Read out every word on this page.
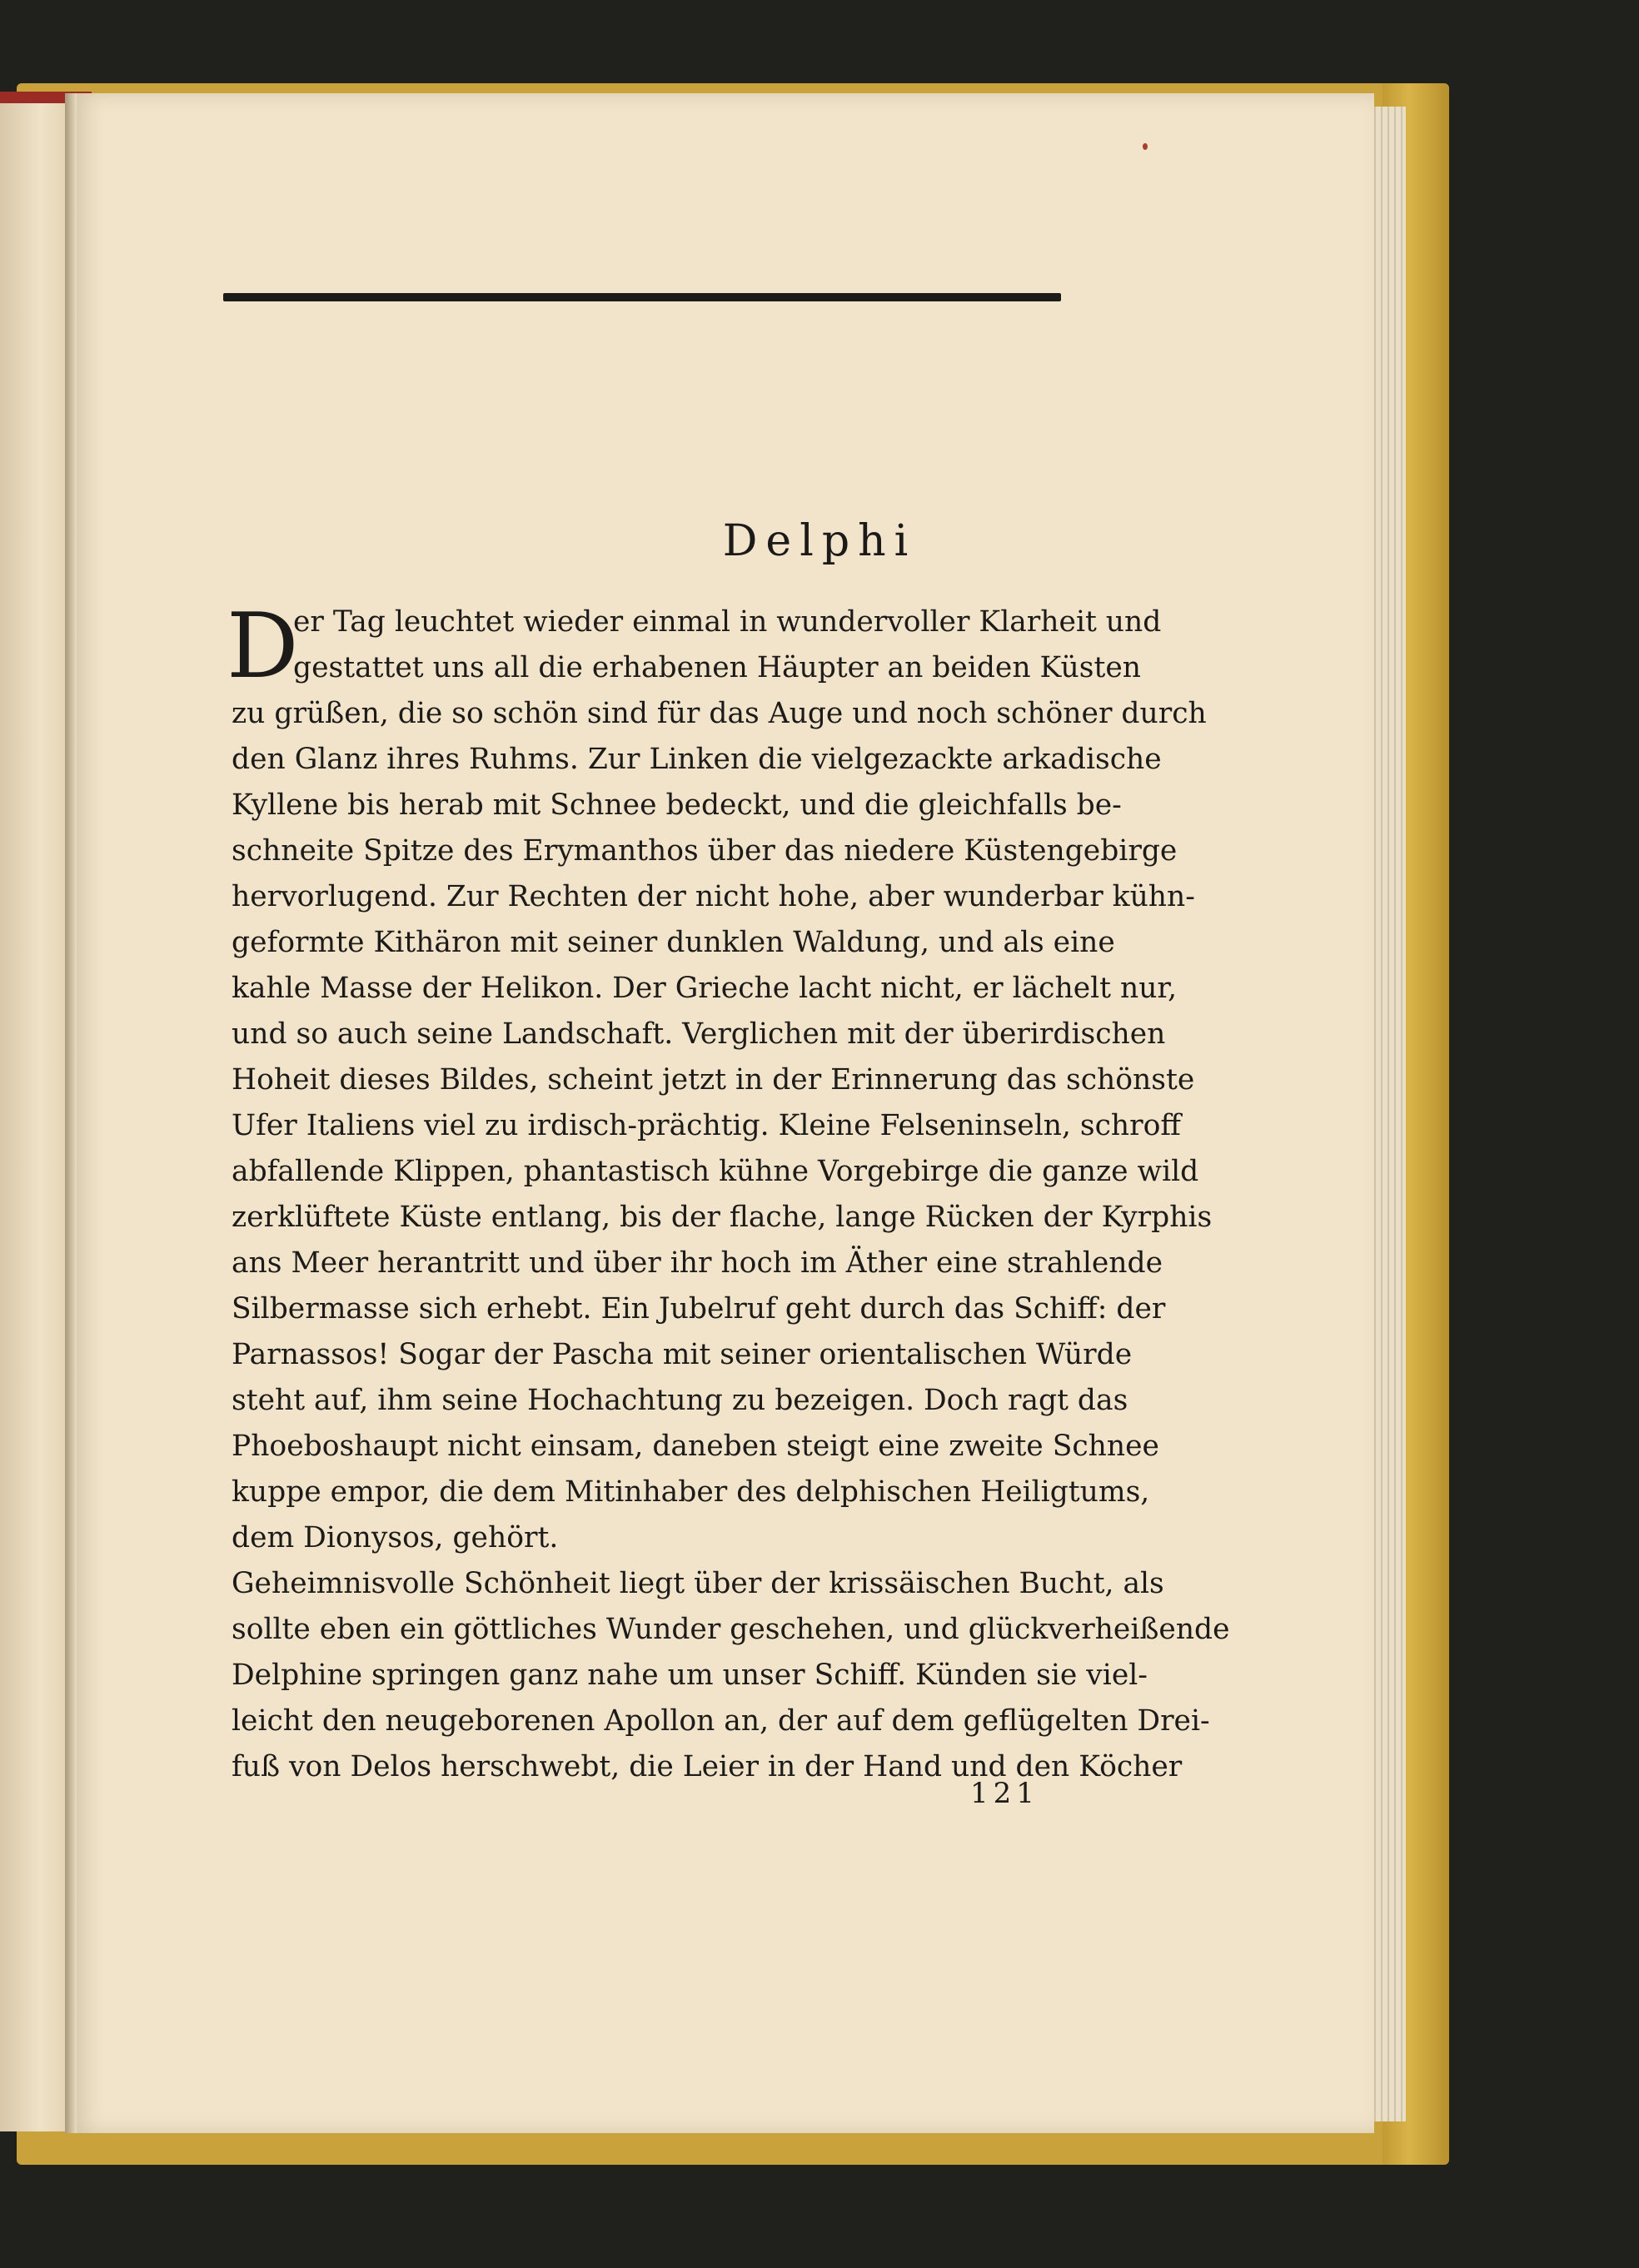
Delphi
D
er Tag leuchtet wieder einmal in wundervoller Klarheit und
gestattet uns all die erhabenen Häupter an beiden Küsten
zu grüßen, die so schön sind für das Auge und noch schöner durch
den Glanz ihres Ruhms. Zur Linken die vielgezackte arkadische
Kyllene bis herab mit Schnee bedeckt, und die gleichfalls be-
schneite Spitze des Erymanthos über das niedere Küstengebirge
hervorlugend. Zur Rechten der nicht hohe, aber wunderbar kühn-
geformte Kithäron mit seiner dunklen Waldung, und als eine
kahle Masse der Helikon. Der Grieche lacht nicht, er lächelt nur,
und so auch seine Landschaft. Verglichen mit der überirdischen
Hoheit dieses Bildes, scheint jetzt in der Erinnerung das schönste
Ufer Italiens viel zu irdisch-prächtig. Kleine Felseninseln, schroff
abfallende Klippen, phantastisch kühne Vorgebirge die ganze wild
zerklüftete Küste entlang, bis der flache, lange Rücken der Kyrphis
ans Meer herantritt und über ihr hoch im Äther eine strahlende
Silbermasse sich erhebt. Ein Jubelruf geht durch das Schiff: der
Parnassos! Sogar der Pascha mit seiner orientalischen Würde
steht auf, ihm seine Hochachtung zu bezeigen. Doch ragt das
Phoeboshaupt nicht einsam, daneben steigt eine zweite Schnee
kuppe empor, die dem Mitinhaber des delphischen Heiligtums,
dem Dionysos, gehört.
Geheimnisvolle Schönheit liegt über der krissäischen Bucht, als
sollte eben ein göttliches Wunder geschehen, und glückverheißende
Delphine springen ganz nahe um unser Schiff. Künden sie viel-
leicht den neugeborenen Apollon an, der auf dem geflügelten Drei-
fuß von Delos herschwebt, die Leier in der Hand und den Köcher
121
